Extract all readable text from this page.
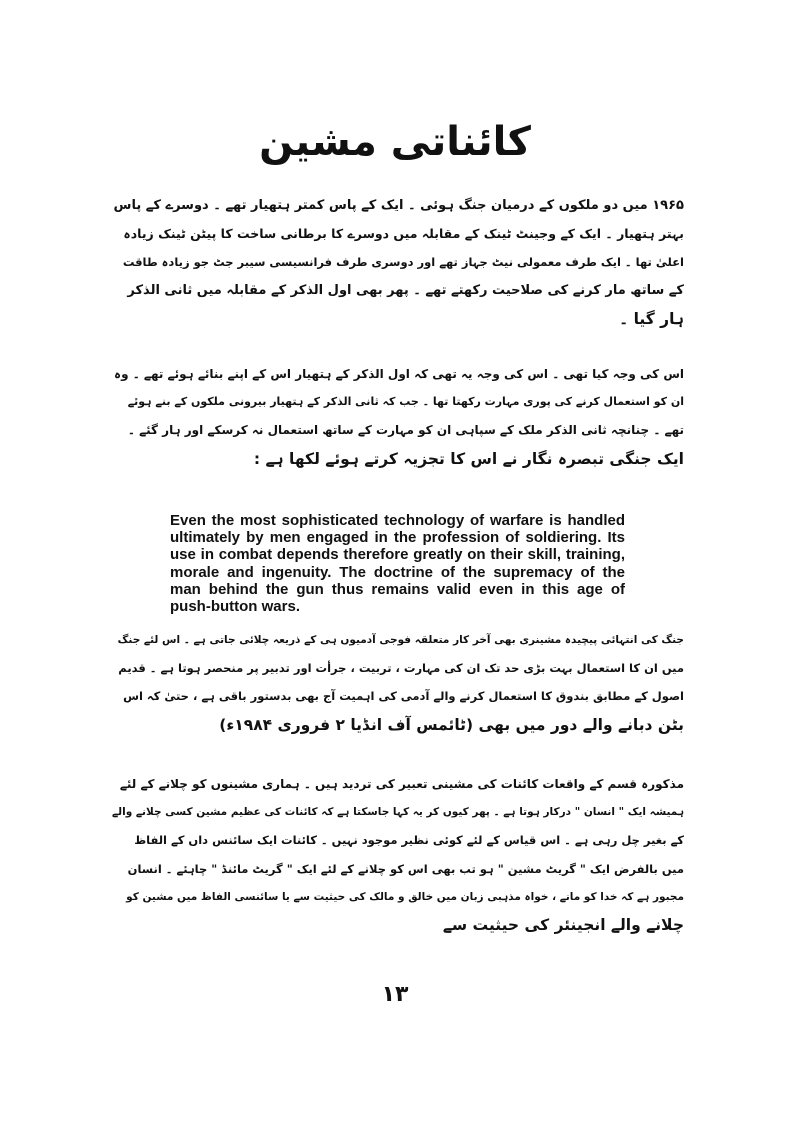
کائناتی مشین
۱۹۶۵ میں دو ملکوں کے درمیان جنگ ہوئی ۔ ایک کے پاس کمتر ہتھیار تھے ۔ دوسرے کے پاس
بہتر ہتھیار ۔ ایک کے وجینٹ ٹینک کے مقابلہ میں دوسرے کا برطانی ساخت کا پیٹن ٹینک زیادہ
اعلیٰ تھا ۔ ایک طرف معمولی نیٹ جہاز تھے اور دوسری طرف فرانسیسی سیبر جٹ جو زیادہ طاقت
کے ساتھ مار کرنے کی صلاحیت رکھتے تھے ۔ پھر بھی اول الذکر کے مقابلہ میں ثانی الذکر
ہار گیا ۔
اس کی وجہ کیا تھی ۔ اس کی وجہ یہ تھی کہ اول الذکر کے ہتھیار اس کے اپنے بنائے ہوئے تھے ۔ وہ
ان کو استعمال کرنے کی پوری مہارت رکھتا تھا ۔ جب کہ ثانی الذکر کے ہتھیار بیرونی ملکوں کے بنے ہوئے
تھے ۔ چنانچہ ثانی الذکر ملک کے سپاہی ان کو مہارت کے ساتھ استعمال نہ کرسکے اور ہار گئے ۔
ایک جنگی تبصرہ نگار نے اس کا تجزیہ کرتے ہوئے لکھا ہے :
Even the most sophisticated technology of warfare is handled ultimately by men engaged in the profession of soldiering. Its use in combat depends therefore greatly on their skill, training, morale and ingenuity. The doctrine of the supremacy of the man behind the gun thus remains valid even in this age of push-button wars.
جنگ کی انتہائی پیچیدہ مشینری بھی آخر کار متعلقہ فوجی آدمیوں ہی کے ذریعہ چلائی جاتی ہے ۔ اس لئے جنگ
میں ان کا استعمال بہت بڑی حد تک ان کی مہارت ، تربیت ، جرأت اور تدبیر پر منحصر ہوتا ہے ۔ قدیم
اصول کے مطابق بندوق کا استعمال کرنے والے آدمی کی اہمیت آج بھی بدستور باقی ہے ، حتیٰ کہ اس
بٹن دبانے والے دور میں بھی (ٹائمس آف انڈیا ۲ فروری ۱۹۸۴ء)
مذکورہ قسم کے واقعات کائنات کی مشینی تعبیر کی تردید ہیں ۔ ہماری مشینوں کو چلانے کے لئے
ہمیشہ ایک " انسان " درکار ہوتا ہے ۔ پھر کیوں کر یہ کہا جاسکتا ہے کہ کائنات کی عظیم مشین کسی چلانے والے
کے بغیر چل رہی ہے ۔ اس قیاس کے لئے کوئی نظیر موجود نہیں ۔ کائنات ایک سائنس داں کے الفاظ
میں بالفرض ایک " گریٹ مشین " ہو تب بھی اس کو چلانے کے لئے ایک " گریٹ مائنڈ " چاہئے ۔ انسان
مجبور ہے کہ خدا کو مانے ، خواہ مذہبی زبان میں خالق و مالک کی حیثیت سے یا سائنسی الفاظ میں مشین کو
چلانے والے انجینئر کی حیثیت سے
۱۳
